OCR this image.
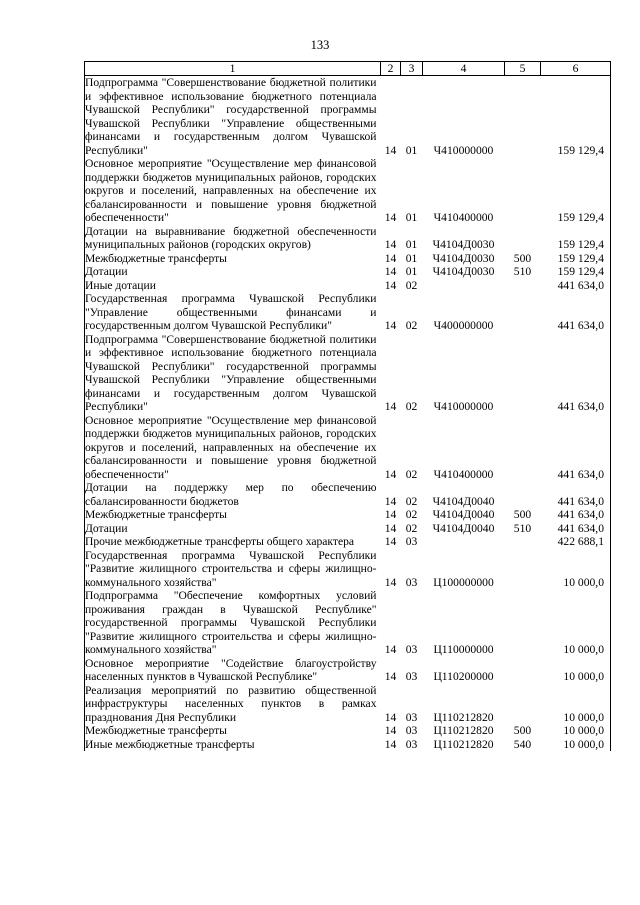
133
1	2	3	4	5	6
Подпрограмма "Совершенствование бюджетной политики и эффективное использование бюджетного потенциала Чувашской Республики" государственной программы Чувашской Республики "Управление общественными финансами и государственным долгом Чувашской Республики"	14	01	Ч410000000		159 129,4
Основное мероприятие "Осуществление мер финансовой поддержки бюджетов муниципальных районов, городских округов и поселений, направленных на обеспечение их сбалансированности и повышение уровня бюджетной обеспеченности"	14	01	Ч410400000		159 129,4
Дотации на выравнивание бюджетной обеспеченности муниципальных районов (городских округов)	14	01	Ч4104Д0030		159 129,4
Межбюджетные трансферты	14	01	Ч4104Д0030	500	159 129,4
Дотации	14	01	Ч4104Д0030	510	159 129,4
Иные дотации	14	02			441 634,0
Государственная программа Чувашской Республики "Управление общественными финансами и государственным долгом Чувашской Республики"	14	02	Ч400000000		441 634,0
Подпрограмма "Совершенствование бюджетной политики и эффективное использование бюджетного потенциала Чувашской Республики" государственной программы Чувашской Республики "Управление общественными финансами и государственным долгом Чувашской Республики"	14	02	Ч410000000		441 634,0
Основное мероприятие "Осуществление мер финансовой поддержки бюджетов муниципальных районов, городских округов и поселений, направленных на обеспечение их сбалансированности и повышение уровня бюджетной обеспеченности"	14	02	Ч410400000		441 634,0
Дотации на поддержку мер по обеспечению сбалансированности бюджетов	14	02	Ч4104Д0040		441 634,0
Межбюджетные трансферты	14	02	Ч4104Д0040	500	441 634,0
Дотации	14	02	Ч4104Д0040	510	441 634,0
Прочие межбюджетные трансферты общего характера	14	03			422 688,1
Государственная программа Чувашской Республики "Развитие жилищного строительства и сферы жилищно-коммунального хозяйства"	14	03	Ц100000000		10 000,0
Подпрограмма "Обеспечение комфортных условий проживания граждан в Чувашской Республике" государственной программы Чувашской Республики "Развитие жилищного строительства и сферы жилищно-коммунального хозяйства"	14	03	Ц110000000		10 000,0
Основное мероприятие "Содействие благоустройству населенных пунктов в Чувашской Республике"	14	03	Ц110200000		10 000,0
Реализация мероприятий по развитию общественной инфраструктуры населенных пунктов в рамках празднования Дня Республики	14	03	Ц110212820		10 000,0
Межбюджетные трансферты	14	03	Ц110212820	500	10 000,0
Иные межбюджетные трансферты	14	03	Ц110212820	540	10 000,0
